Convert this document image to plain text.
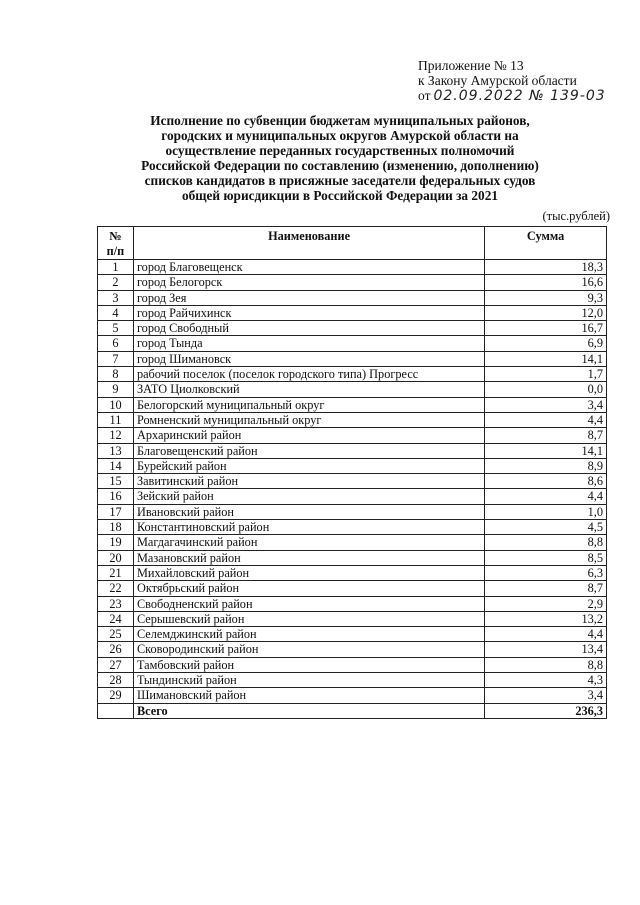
Приложение № 13
к Закону Амурской области
от 02.09.2022 № 139-03
Исполнение по субвенции бюджетам муниципальных районов,
городских и муниципальных округов Амурской области на
осуществление переданных государственных полномочий
Российской Федерации по составлению (изменению, дополнению)
списков кандидатов в присяжные заседатели федеральных судов
общей юрисдикции в Российской Федерации за 2021
(тыс.рублей)
№
п/п	Наименование	Сумма
1	город Благовещенск	18,3
2	город Белогорск	16,6
3	город Зея	9,3
4	город Райчихинск	12,0
5	город Свободный	16,7
6	город Тында	6,9
7	город Шимановск	14,1
8	рабочий поселок (поселок городского типа) Прогресс	1,7
9	ЗАТО Циолковский	0,0
10	Белогорский муниципальный округ	3,4
11	Ромненский муниципальный округ	4,4
12	Архаринский район	8,7
13	Благовещенский район	14,1
14	Бурейский район	8,9
15	Завитинский район	8,6
16	Зейский район	4,4
17	Ивановский район	1,0
18	Константиновский район	4,5
19	Магдагачинский район	8,8
20	Мазановский район	8,5
21	Михайловский район	6,3
22	Октябрьский район	8,7
23	Свободненский район	2,9
24	Серышевский район	13,2
25	Селемджинский район	4,4
26	Сковородинский район	13,4
27	Тамбовский район	8,8
28	Тындинский район	4,3
29	Шимановский район	3,4
	Всего	236,3
